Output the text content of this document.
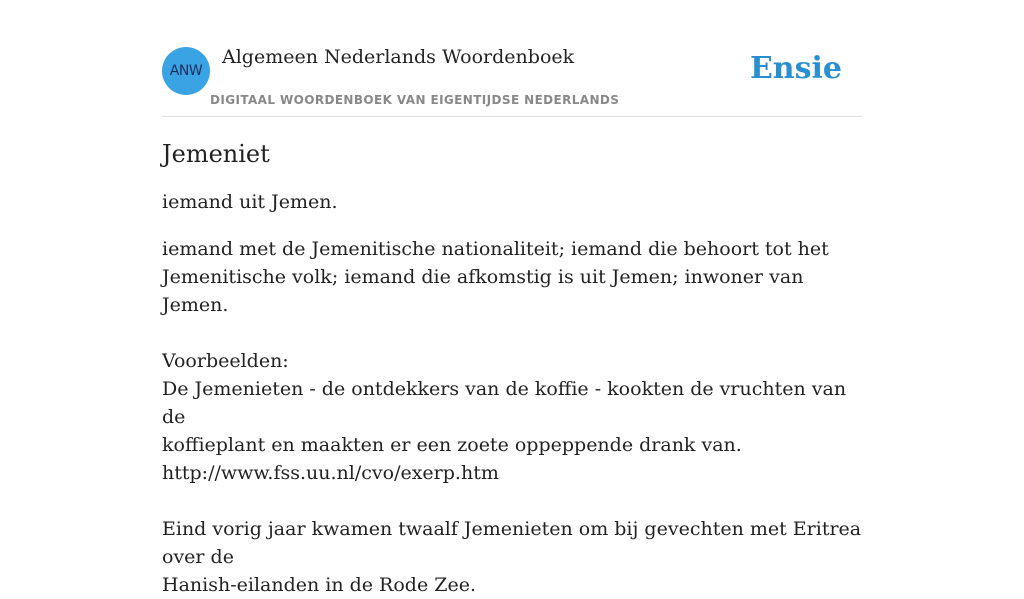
ANW
Algemeen Nederlands Woordenboek
DIGITAAL WOORDENBOEK VAN EIGENTIJDSE NEDERLANDS
Ensie
Jemeniet

iemand uit Jemen.

iemand met de Jemenitische nationaliteit; iemand die behoort tot het
Jemenitische volk; iemand die afkomstig is uit Jemen; inwoner van Jemen.
Voorbeelden:
De Jemenieten - de ontdekkers van de koffie - kookten de vruchten van de
koffieplant en maakten er een zoete oppeppende drank van.
http://www.fss.uu.nl/cvo/exerp.htm
Eind vorig jaar kwamen twaalf Jemenieten om bij gevechten met Eritrea over de
Hanish-eilanden in de Rode Zee.
